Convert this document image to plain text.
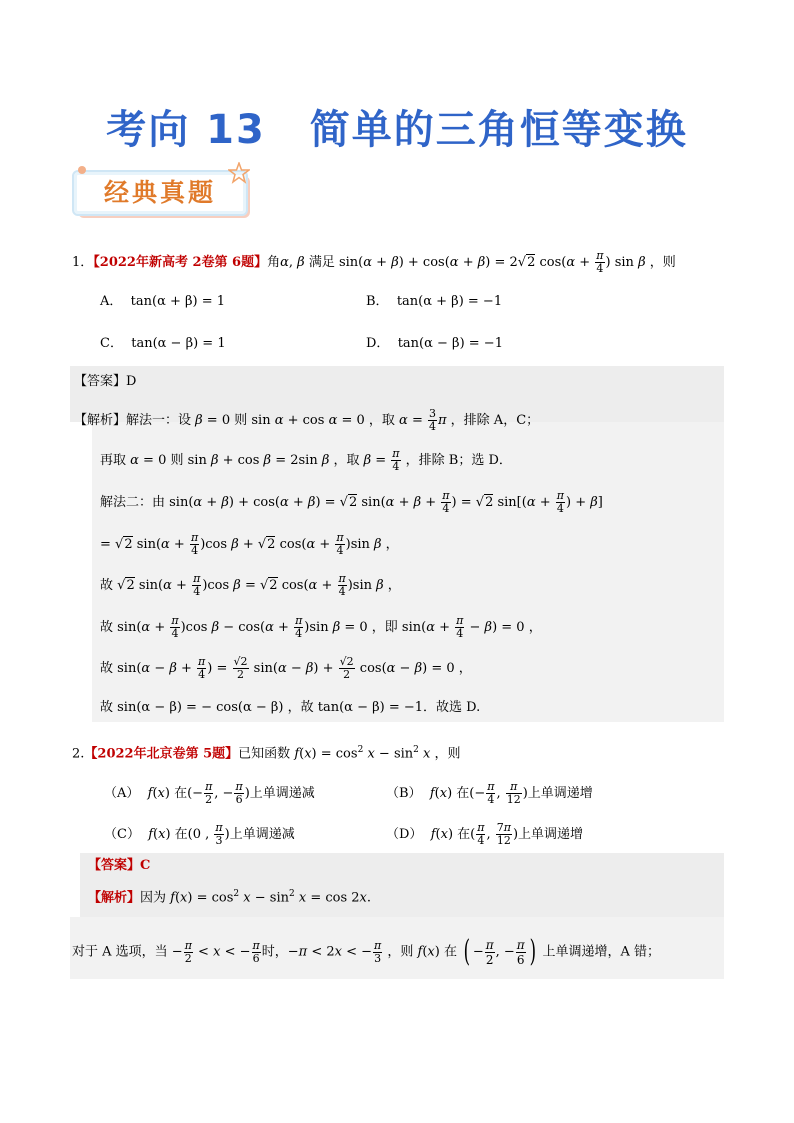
考向 13 简单的三角恒等变换
经典真题
1．【2022年新高考 2卷第 6题】角α, β 满足 sin(α + β) + cos(α + β) = 2√2 $\cos(\alpha + \frac{\pi}{4}$ ) sin β ，则
A． tan(α + β) = 1	B． tan(α + β) = −1
C． tan(α − β) = 1	D． tan(α − β) = −1
【答案】D
【解析】解法一：设 β = 0 则 sin α + cos α = 0 ，取 $\alpha = \frac{3}{4}$ π ，排除 A，C；
再取 α = 0 则 sin β + cos β = 2sin β ，取 $\beta = \frac{\pi}{4}$ ，排除 B；选 D．
解法二：由 sin(α + β) + cos(α + β) = √2 $\sin(\alpha + \beta + \frac{\pi}{4}$ ) = √2 $\sin[(\alpha + \frac{\pi}{4}$ ) + β]
= √2 $\sin(\alpha + \frac{\pi}{4} )\cos$ β + √2 $\cos(\alpha + \frac{\pi}{4} )\sin$ β ，
故 √2 $\sin(\alpha + \frac{\pi}{4} )\cos$ β = √2 $\cos(\alpha + \frac{\pi}{4} )\sin$ β ，
故 $\sin(\alpha + \frac{\pi}{4} )\cos$ $\beta - \cos(\alpha + \frac{\pi}{4} )\sin$ β = 0 ，即 $\sin(\alpha + \frac{\pi}{4} - \beta) = 0$ ，
故 $\sin(\alpha - \beta + \frac{\pi}{4}$ ) = $\frac{√2}{2} \sin(\alpha - \beta) + \frac{√2}{2} \cos(\alpha - \beta) = 0$ ，
故 sin(α − β) = − cos(α − β) ，故 tan(α − β) = −1．故选 D.
2.【2022年北京卷第 5题】已知函数 $f(x) = \cos^2 x - \sin^2 x$ ，则
（A） f(x) 在(− $\frac{\pi}{2}$ , − $\frac{\pi}{6}$ )上单调递减	（B） f(x) 在(− $\frac{\pi}{4}$ , $\frac{\pi}{12}$ )上单调递增
（C） f(x) 在(0 , $\frac{\pi}{3}$ )上单调递减	（D） f(x) 在( $\frac{\pi}{4}$ , $\frac{7\pi}{12}$ )上单调递增
【答案】C
【解析】因为 $f(x) = \cos^2 x - \sin^2 x = \cos 2x$.
对于 A 选项，当 − $\frac{\pi}{2} < x$ < − $\frac{\pi}{6}$ 时，−π < 2x < − $\frac{\pi}{3}$ ，则 f(x) 在 ( − $\frac{\pi}{2}$ , − $\frac{\pi}{6}$ ) 上单调递增，A 错；
